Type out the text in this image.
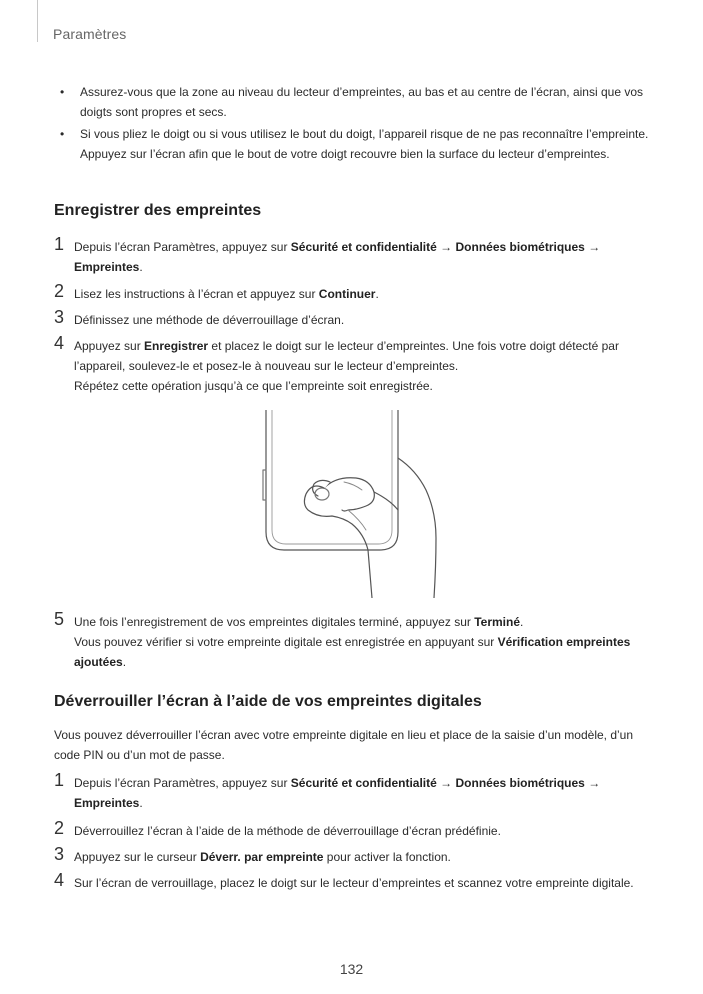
Paramètres
• Assurez-vous que la zone au niveau du lecteur d’empreintes, au bas et au centre de l’écran, ainsi que vos doigts sont propres et secs.
• Si vous pliez le doigt ou si vous utilisez le bout du doigt, l’appareil risque de ne pas reconnaître l’empreinte. Appuyez sur l’écran afin que le bout de votre doigt recouvre bien la surface du lecteur d’empreintes.
Enregistrer des empreintes
1 Depuis l’écran Paramètres, appuyez sur Sécurité et confidentialité → Données biométriques →
Empreintes.
2 Lisez les instructions à l’écran et appuyez sur Continuer.
3 Définissez une méthode de déverrouillage d’écran.
4 Appuyez sur Enregistrer et placez le doigt sur le lecteur d’empreintes. Une fois votre doigt détecté par l’appareil, soulevez-le et posez-le à nouveau sur le lecteur d’empreintes.
Répétez cette opération jusqu’à ce que l’empreinte soit enregistrée.
5 Une fois l’enregistrement de vos empreintes digitales terminé, appuyez sur Terminé.
Vous pouvez vérifier si votre empreinte digitale est enregistrée en appuyant sur Vérification empreintes ajoutées.
Déverrouiller l’écran à l’aide de vos empreintes digitales
Vous pouvez déverrouiller l’écran avec votre empreinte digitale en lieu et place de la saisie d’un modèle, d’un code PIN ou d’un mot de passe.
1 Depuis l’écran Paramètres, appuyez sur Sécurité et confidentialité → Données biométriques →
Empreintes.
2 Déverrouillez l’écran à l’aide de la méthode de déverrouillage d’écran prédéfinie.
3 Appuyez sur le curseur Déverr. par empreinte pour activer la fonction.
4 Sur l’écran de verrouillage, placez le doigt sur le lecteur d’empreintes et scannez votre empreinte digitale.
132
